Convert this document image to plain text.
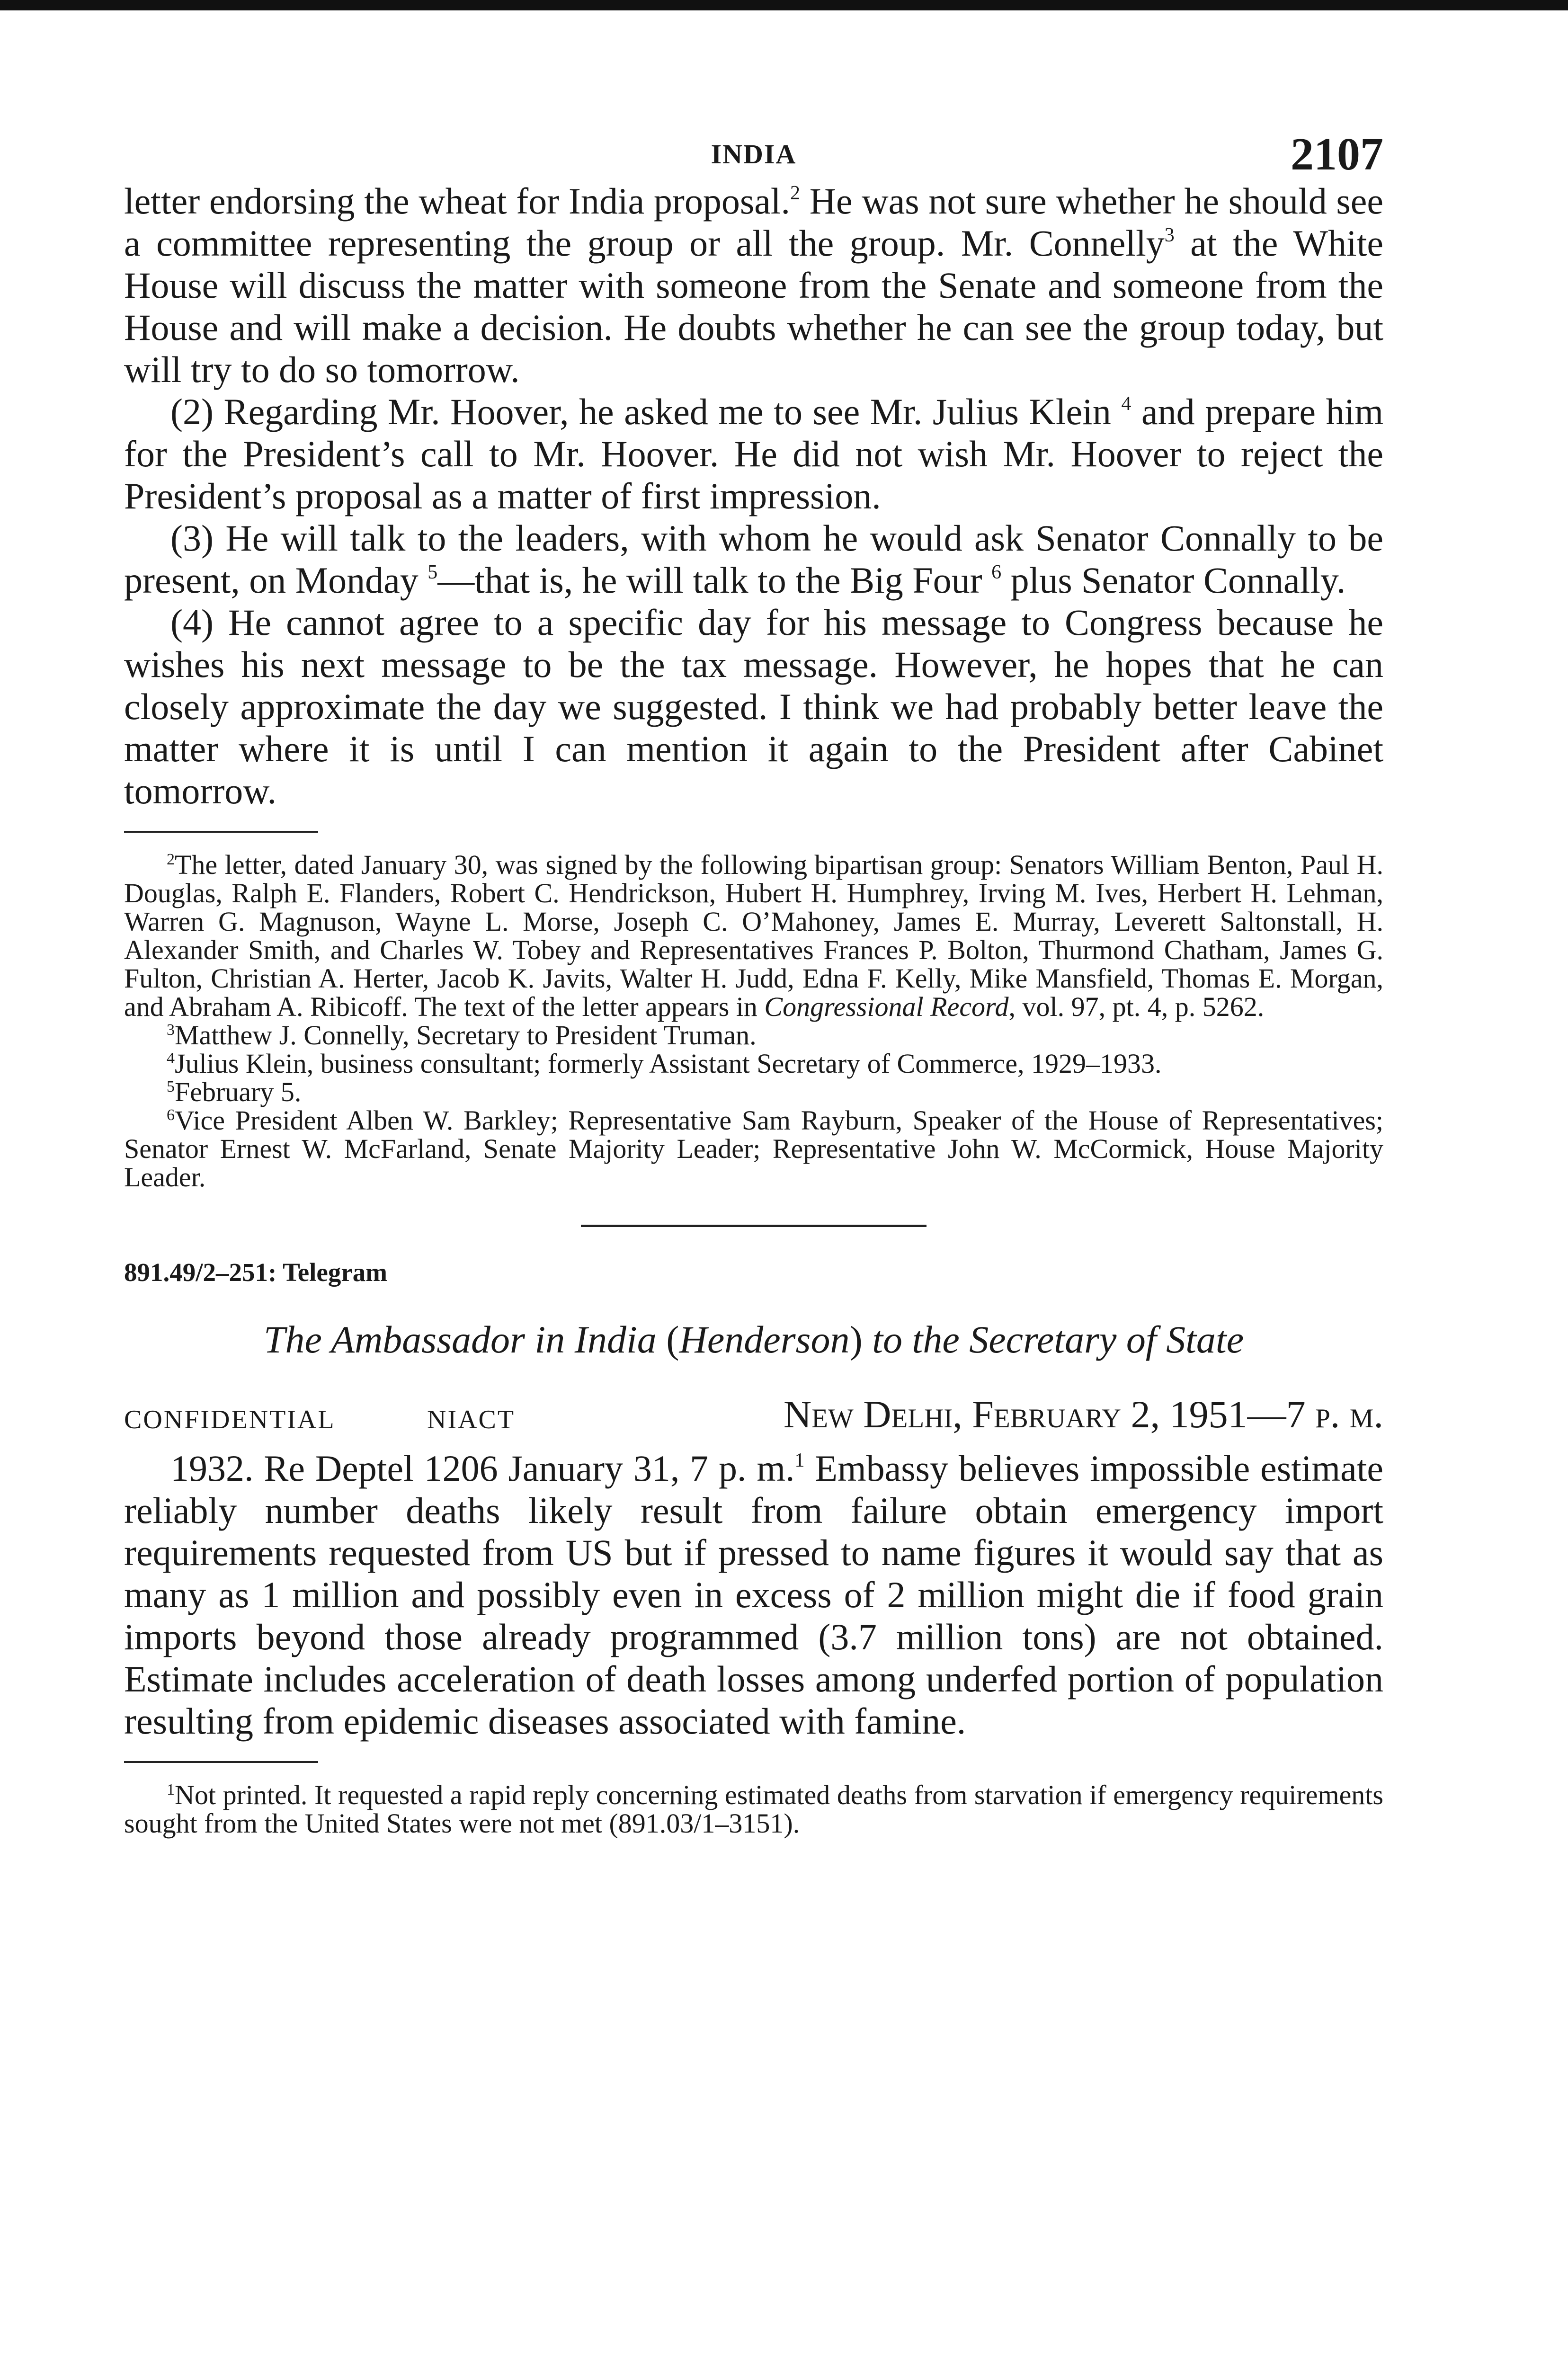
INDIA	2107

letter endorsing the wheat for India proposal.$^2$ He was not sure whether he should see a committee representing the group or all the group. Mr. Connelly$^3$ at the White House will discuss the matter with someone from the Senate and someone from the House and will make a decision. He doubts whether he can see the group today, but will try to do so tomorrow.

(2) Regarding Mr. Hoover, he asked me to see Mr. Julius Klein $^4$ and prepare him for the President’s call to Mr. Hoover. He did not wish Mr. Hoover to reject the President’s proposal as a matter of first impression.

(3) He will talk to the leaders, with whom he would ask Senator Connally to be present, on Monday $^5$—that is, he will talk to the Big Four $^6$ plus Senator Connally.

(4) He cannot agree to a specific day for his message to Congress because he wishes his next message to be the tax message. However, he hopes that he can closely approximate the day we suggested. I think we had probably better leave the matter where it is until I can mention it again to the President after Cabinet tomorrow.

$^2$The letter, dated January 30, was signed by the following bipartisan group: Senators William Benton, Paul H. Douglas, Ralph E. Flanders, Robert C. Hendrickson, Hubert H. Humphrey, Irving M. Ives, Herbert H. Lehman, Warren G. Magnuson, Wayne L. Morse, Joseph C. O’Mahoney, James E. Murray, Leverett Saltonstall, H. Alexander Smith, and Charles W. Tobey and Representatives Frances P. Bolton, Thurmond Chatham, James G. Fulton, Christian A. Herter, Jacob K. Javits, Walter H. Judd, Edna F. Kelly, Mike Mansfield, Thomas E. Morgan, and Abraham A. Ribicoff. The text of the letter appears in Congressional Record, vol. 97, pt. 4, p. 5262.

$^3$Matthew J. Connelly, Secretary to President Truman.

$^4$Julius Klein, business consultant; formerly Assistant Secretary of Commerce, 1929–1933.

$^5$February 5.

$^6$Vice President Alben W. Barkley; Representative Sam Rayburn, Speaker of the House of Representatives; Senator Ernest W. McFarland, Senate Majority Leader; Representative John W. McCormick, House Majority Leader.

891.49/2–251: Telegram
The Ambassador in India (Henderson) to the Secretary of State
CONFIDENTIAL	NIACT	New Delhi, February 2, 1951—7 p. m.

1932. Re Deptel 1206 January 31, 7 p. m.$^1$ Embassy believes impossible estimate reliably number deaths likely result from failure obtain emergency import requirements requested from US but if pressed to name figures it would say that as many as 1 million and possibly even in excess of 2 million might die if food grain imports beyond those already programmed (3.7 million tons) are not obtained. Estimate includes acceleration of death losses among underfed portion of population resulting from epidemic diseases associated with famine.

$^1$Not printed. It requested a rapid reply concerning estimated deaths from starvation if emergency requirements sought from the United States were not met (891.03/1–3151).
